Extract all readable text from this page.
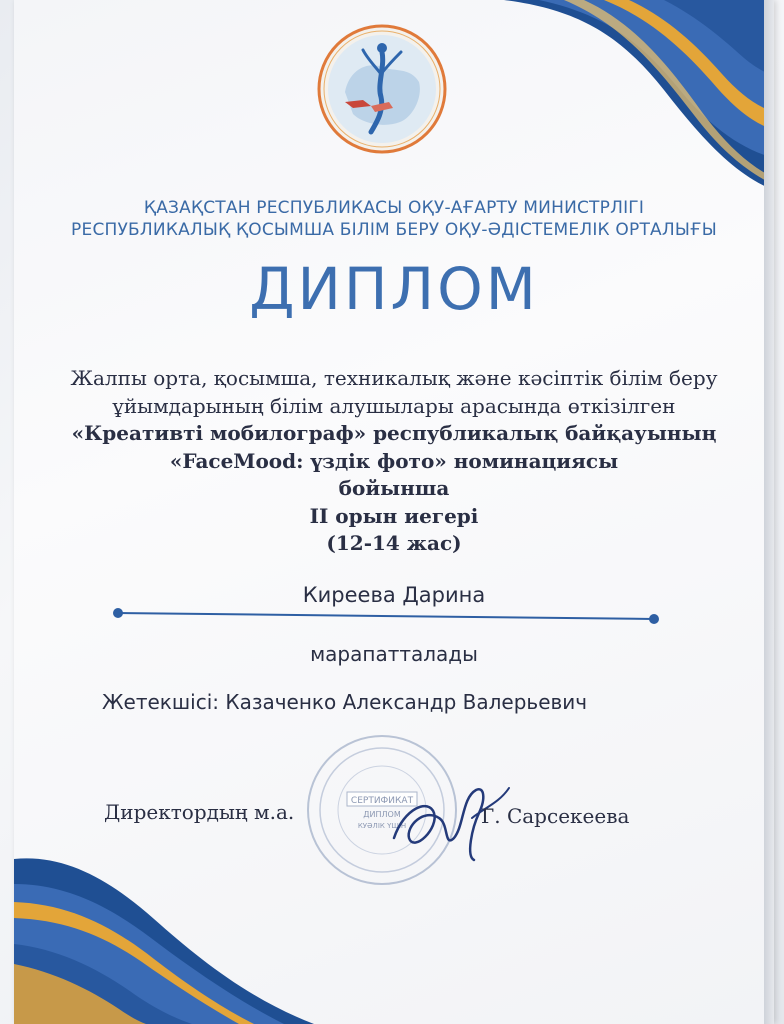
ҚАЗАҚСТАН РЕСПУБЛИКАСЫ ОҚУ-АҒАРТУ МИНИСТРЛІГІ
РЕСПУБЛИКАЛЫҚ ҚОСЫМША БІЛІМ БЕРУ ОҚУ-ӘДІСТЕМЕЛІК ОРТАЛЫҒЫ
ДИПЛОМ
Жалпы орта, қосымша, техникалық және кәсіптік білім беру
ұйымдарының білім алушылары арасында өткізілген
«Креативті мобилограф» республикалық байқауының
«FaceMood: үздік фото» номинациясы
бойынша
II орын иегері
(12-14 жас)
Киреева Дарина
марапатталады
Жетекшісі: Казаченко Александр Валерьевич
СЕРТИФИКАТ
ДИПЛОМ
КУӘЛІК ҮШІН
Директордың м.а.	Г. Сарсекеева
